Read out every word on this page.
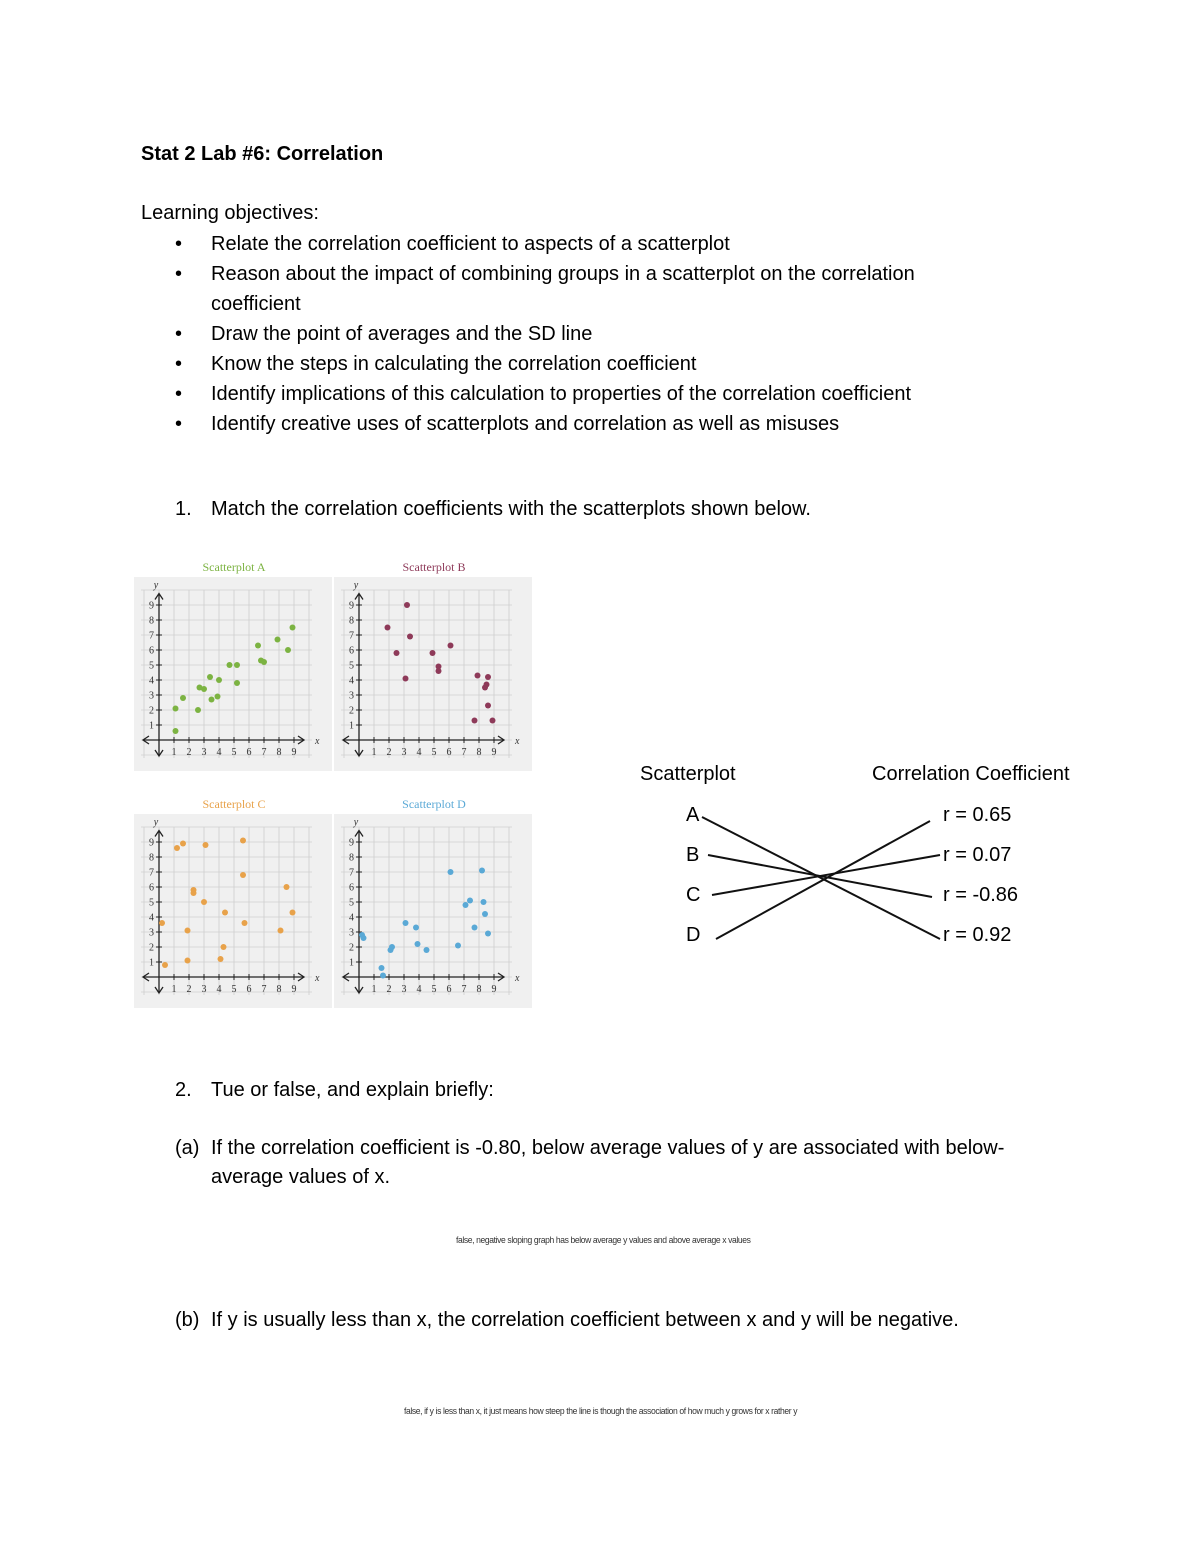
Stat 2 Lab #6: Correlation
Learning objectives:
• Relate the correlation coefficient to aspects of a scatterplot
• Reason about the impact of combining groups in a scatterplot on the correlation coefficient
• Draw the point of averages and the SD line
• Know the steps in calculating the correlation coefficient
• Identify implications of this calculation to properties of the correlation coefficient
• Identify creative uses of scatterplots and correlation as well as misuses
1. Match the correlation coefficients with the scatterplots shown below.
Scatterplot A
x
y
1 2 3 4 5 6 7 8 9
1
2
3
4
5
6
7
8
9
Scatterplot B
x
y
1 2 3 4 5 6 7 8 9
1
2
3
4
5
6
7
8
9
Scatterplot C
x
y
1 2 3 4 5 6 7 8 9
1
2
3
4
5
6
7
8
9
Scatterplot D
x
y
1 2 3 4 5 6 7 8 9
1
2
3
4
5
6
7
8
9
Scatterplot	Correlation Coefficient
A
B
C
D
r = 0.65
r = 0.07
r = -0.86
r = 0.92
2. Tue or false, and explain briefly:
(a) If the correlation coefficient is -0.80, below average values of y are associated with below-average values of x.
false, negative sloping graph has below average y values and above average x values
(b) If y is usually less than x, the correlation coefficient between x and y will be negative.
false, if y is less than x, it just means how steep the line is though the association of how much y grows for x rather y
